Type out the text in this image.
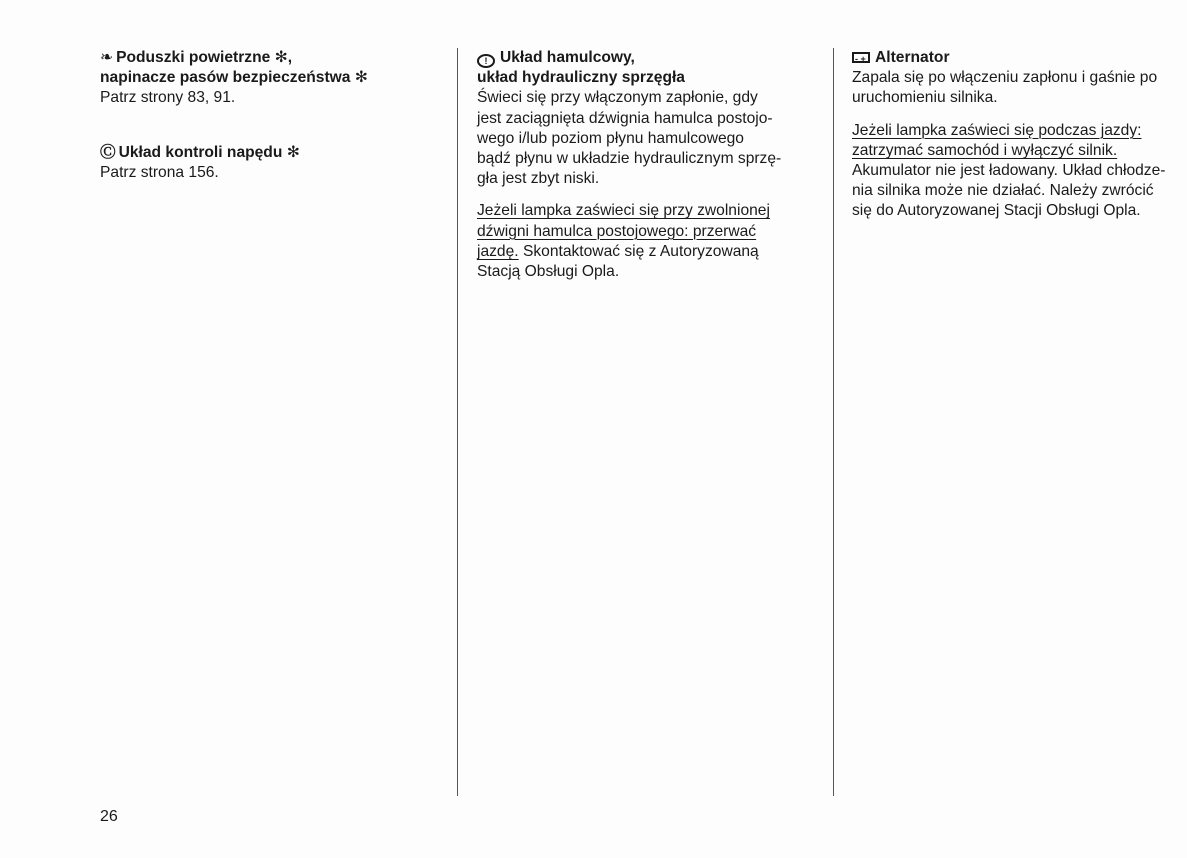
❧ Poduszki powietrzne ✻,
napinacze pasów bezpieczeństwa ✻
Patrz strony 83, 91.
Ⓒ Układ kontroli napędu ✻
Patrz strona 156.
! Układ hamulcowy,
układ hydrauliczny sprzęgła
Świeci się przy włączonym zapłonie, gdy
jest zaciągnięta dźwignia hamulca postojo-
wego i/lub poziom płynu hamulcowego
bądź płynu w układzie hydraulicznym sprzę-
gła jest zbyt niski.
Jeżeli lampka zaświeci się przy zwolnionej
dźwigni hamulca postojowego: przerwać
jazdę. Skontaktować się z Autoryzowaną
Stacją Obsługi Opla.
- +Alternator
Zapala się po włączeniu zapłonu i gaśnie po
uruchomieniu silnika.
Jeżeli lampka zaświeci się podczas jazdy:
zatrzymać samochód i wyłączyć silnik.
Akumulator nie jest ładowany. Układ chłodze-
nia silnika może nie działać. Należy zwrócić
się do Autoryzowanej Stacji Obsługi Opla.
26
